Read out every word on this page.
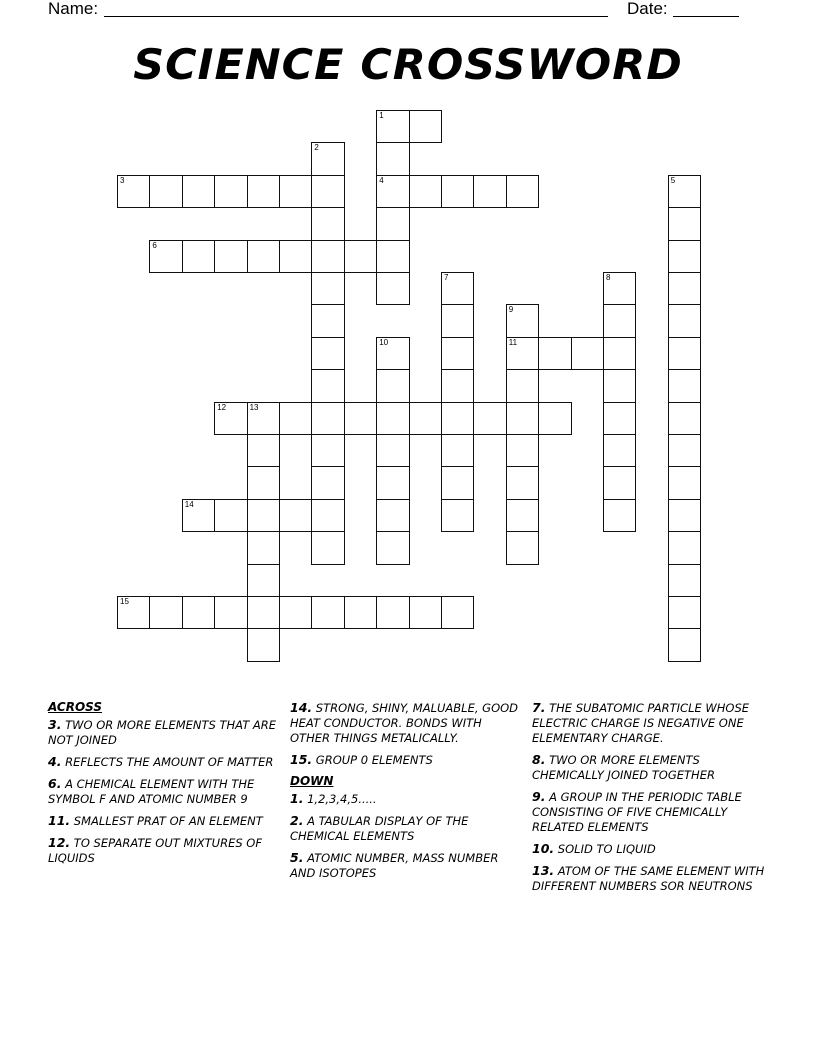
Name:	Date:
SCIENCE CROSSWORD
1
2
3	4	5
6
7	8
9
10	11
12	13
14
15
ACROSS
3. TWO OR MORE ELEMENTS THAT ARE NOT JOINED
4. REFLECTS THE AMOUNT OF MATTER
6. A CHEMICAL ELEMENT WITH THE SYMBOL F AND ATOMIC NUMBER 9
11. SMALLEST PRAT OF AN ELEMENT
12. TO SEPARATE OUT MIXTURES OF LIQUIDS
14. STRONG, SHINY, MALUABLE, GOOD HEAT CONDUCTOR. BONDS WITH OTHER THINGS METALICALLY.
15. GROUP 0 ELEMENTS
DOWN
1. 1,2,3,4,5.....
2. A TABULAR DISPLAY OF THE CHEMICAL ELEMENTS
5. ATOMIC NUMBER, MASS NUMBER AND ISOTOPES
7. THE SUBATOMIC PARTICLE WHOSE ELECTRIC CHARGE IS NEGATIVE ONE ELEMENTARY CHARGE.
8. TWO OR MORE ELEMENTS CHEMICALLY JOINED TOGETHER
9. A GROUP IN THE PERIODIC TABLE CONSISTING OF FIVE CHEMICALLY RELATED ELEMENTS
10. SOLID TO LIQUID
13. ATOM OF THE SAME ELEMENT WITH DIFFERENT NUMBERS SOR NEUTRONS
